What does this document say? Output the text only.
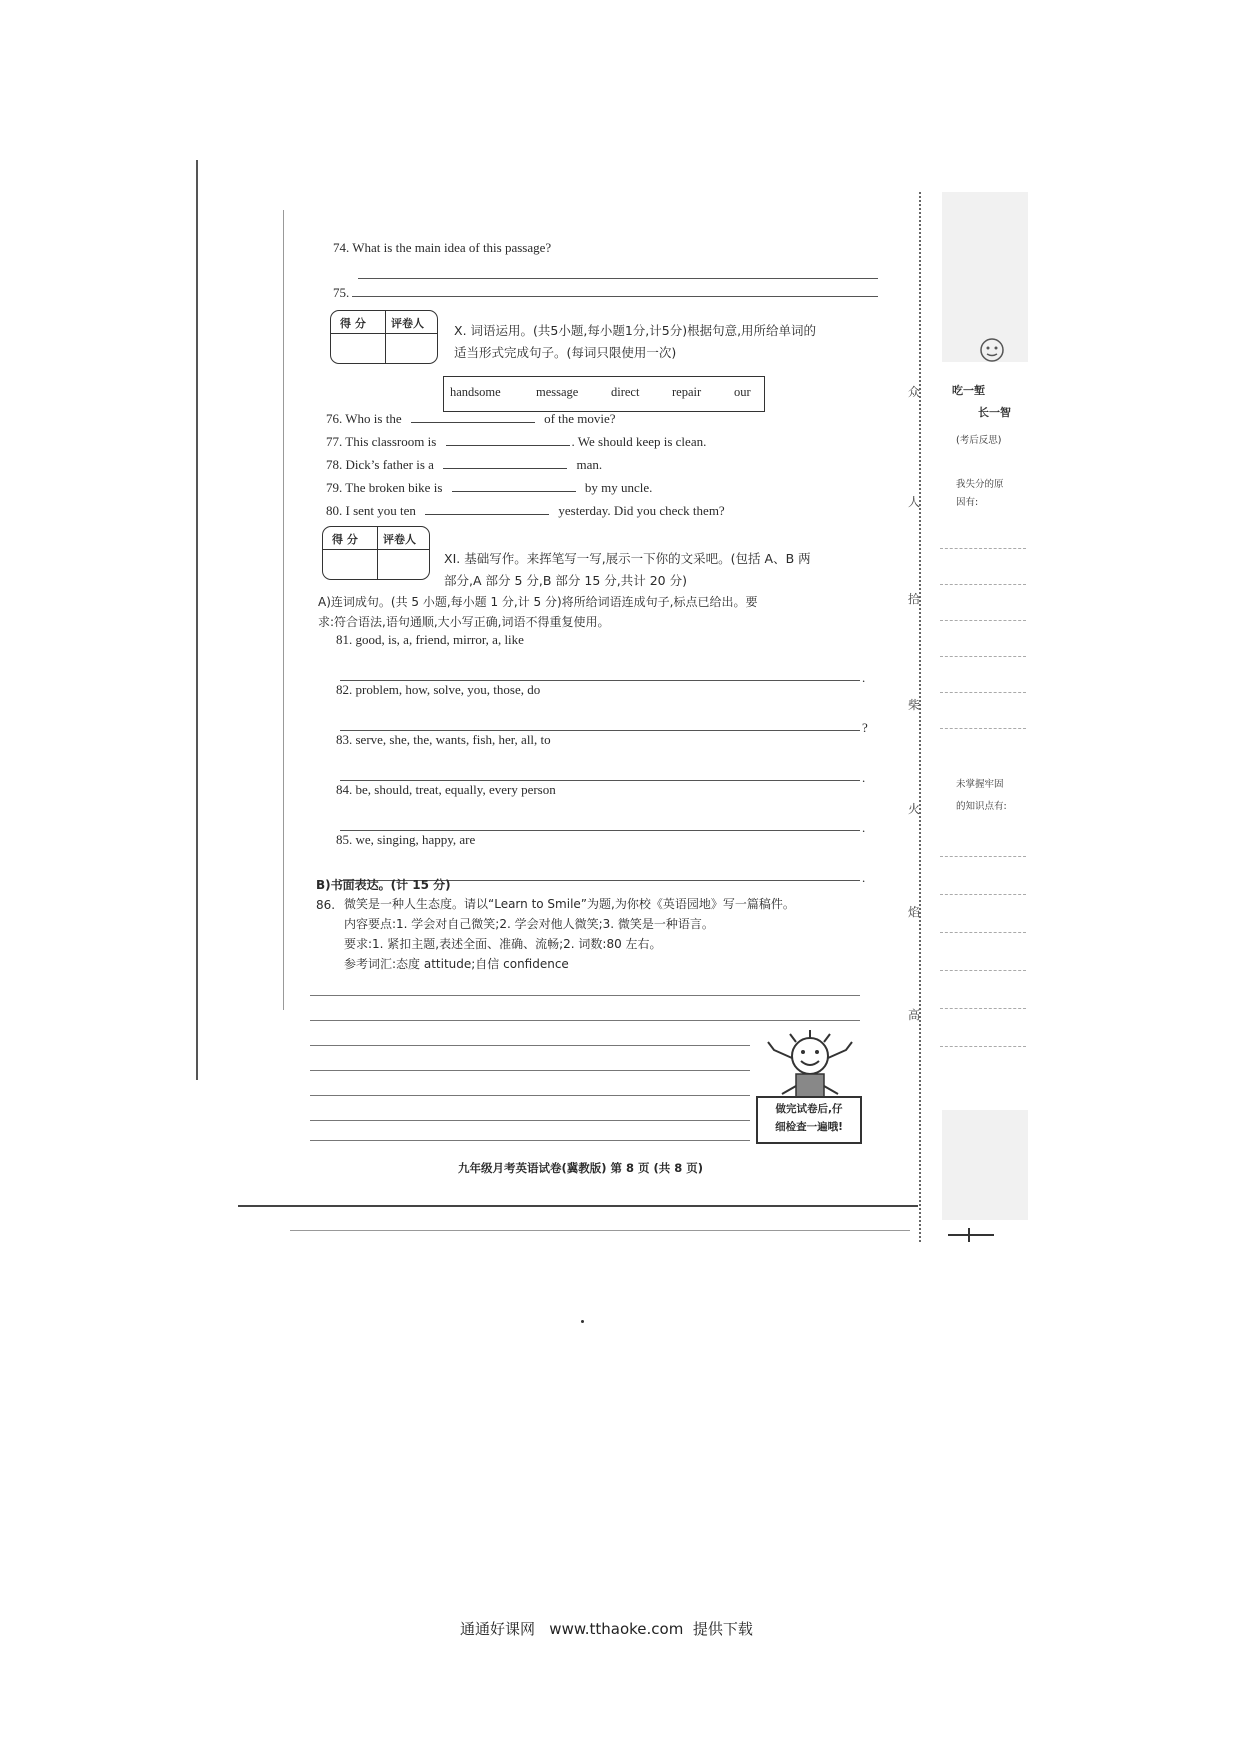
74. What is the main idea of this passage?
75.
得 分 评卷人 X. 词语运用。(共5小题,每小题1分,计5分)根据句意,用所给单词的
适当形式完成句子。(每词只限使用一次)
handsome	message	direct	repair	our
76. Who is the	of the movie?
77. This classroom is	. We should keep is clean.
78. Dick’s father is a	man.
79. The broken bike is	by my uncle.
80. I sent you ten	yesterday. Did you check them?
得 分 评卷人
XI. 基础写作。来挥笔写一写,展示一下你的文采吧。(包括 A、B 两
部分,A 部分 5 分,B 部分 15 分,共计 20 分)
A)连词成句。(共 5 小题,每小题 1 分,计 5 分)将所给词语连成句子,标点已给出。要
求:符合语法,语句通顺,大小写正确,词语不得重复使用。
81. good, is, a, friend, mirror, a, like
.
82. problem, how, solve, you, those, do
?
83. serve, she, the, wants, fish, her, all, to
.
84. be, should, treat, equally, every person
.
85. we, singing, happy, are
.
B)书面表达。(计 15 分)
86. 微笑是一种人生态度。请以“Learn to Smile”为题,为你校《英语园地》写一篇稿件。
内容要点:1. 学会对自己微笑;2. 学会对他人微笑;3. 微笑是一种语言。
要求:1. 紧扣主题,表述全面、准确、流畅;2. 词数:80 左右。
参考词汇:态度 attitude;自信 confidence
做完试卷后,仔
细检查一遍哦!
九年级月考英语试卷(冀教版) 第 8 页 (共 8 页)
众
人
拾
柴
火
焰
高
吃一堑
长一智
(考后反思)
我失分的原
因有:
未掌握牢固
的知识点有:
通通好课网   www.tthaoke.com  提供下载
